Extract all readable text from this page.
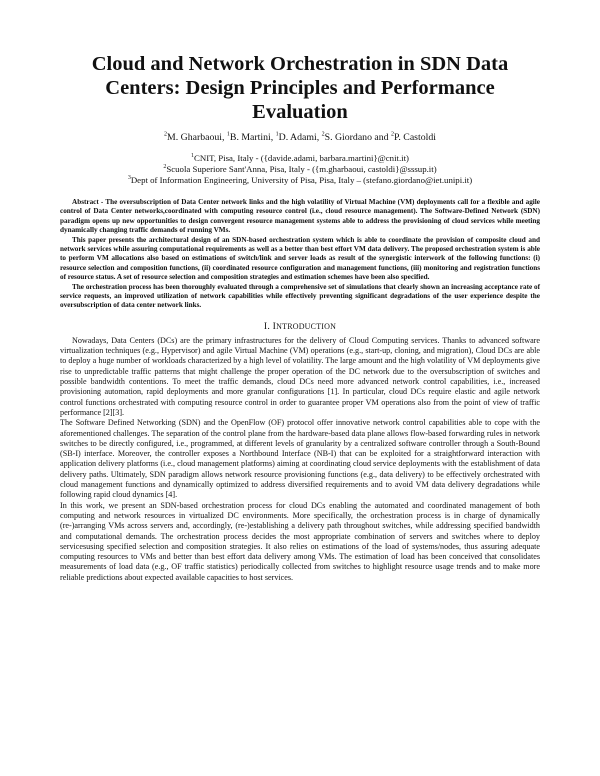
Cloud and Network Orchestration in SDN Data Centers: Design Principles and Performance Evaluation
$^2$M. Gharbaoui, $^1$B. Martini, $^1$D. Adami, $^2$S. Giordano and $^2$P. Castoldi
$^1$CNIT, Pisa, Italy - ({davide.adami, barbara.martini}@cnit.it)
$^2$Scuola Superiore Sant'Anna, Pisa, Italy - ({m.gharbaoui, castoldi}@sssup.it)
$^3$Dept of Information Engineering, University of Pisa, Pisa, Italy – (stefano.giordano@iet.unipi.it)

Abstract - The oversubscription of Data Center network links and the high volatility of Virtual Machine (VM) deployments call for a flexible and agile control of Data Center networks,coordinated with computing resource control (i.e., cloud resource management). The Software-Defined Network (SDN) paradigm opens up new opportunities to design convergent resource management systems able to address the provisioning of cloud services while meeting dynamically changing traffic demands of running VMs.

This paper presents the architectural design of an SDN-based orchestration system which is able to coordinate the provision of composite cloud and network services while assuring computational requirements as well as a better than best effort VM data delivery. The proposed orchestration system is able to perform VM allocations also based on estimations of switch/link and server loads as result of the synergistic interwork of the following functions: (i) resource selection and composition functions, (ii) coordinated resource configuration and management functions, (iii) monitoring and registration functions of resource status. A set of resource selection and composition strategies and estimation schemes have been also specified.

The orchestration process has been thoroughly evaluated through a comprehensive set of simulations that clearly shown an increasing acceptance rate of service requests, an improved utilization of network capabilities while effectively preventing significant degradations of the user experience despite the oversubscription of data center network links.

I. INTRODUCTION

Nowadays, Data Centers (DCs) are the primary infrastructures for the delivery of Cloud Computing services. Thanks to advanced software virtualization techniques (e.g., Hypervisor) and agile Virtual Machine (VM) operations (e.g., start-up, cloning, and migration), Cloud DCs are able to deploy a huge number of workloads characterized by a high level of volatility. The large amount and the high volatility of VM deployments give rise to unpredictable traffic patterns that might challenge the proper operation of the DC network due to the oversubscription of switches and possible bandwidth contentions. To meet the traffic demands, cloud DCs need more advanced network control capabilities, i.e., increased provisioning automation, rapid deployments and more granular configurations [1]. In particular, cloud DCs require elastic and agile network control functions orchestrated with computing resource control in order to guarantee proper VM operations also from the point of view of traffic performance [2][3].

The Software Defined Networking (SDN) and the OpenFlow (OF) protocol offer innovative network control capabilities able to cope with the aforementioned challenges. The separation of the control plane from the hardware-based data plane allows flow-based forwarding rules in network switches to be directly configured, i.e., programmed, at different levels of granularity by a centralized software controller through a South-Bound (SB-I) interface. Moreover, the controller exposes a Northbound Interface (NB-I) that can be exploited for a straightforward interaction with application delivery platforms (i.e., cloud management platforms) aiming at coordinating cloud service deployments with the establishment of data delivery paths. Ultimately, SDN paradigm allows network resource provisioning functions (e.g., data delivery) to be effectively orchestrated with cloud management functions and dynamically optimized to address diversified requirements and to avoid VM data delivery degradations while following rapid cloud dynamics [4].

In this work, we present an SDN-based orchestration process for cloud DCs enabling the automated and coordinated management of both computing and network resources in virtualized DC environments. More specifically, the orchestration process is in charge of dynamically (re-)arranging VMs across servers and, accordingly, (re-)establishing a delivery path throughout switches, while addressing specified bandwidth and computational demands. The orchestration process decides the most appropriate combination of servers and switches where to deploy servicesusing specified selection and composition strategies. It also relies on estimations of the load of systems/nodes, thus assuring adequate computing resources to VMs and better than best effort data delivery among VMs. The estimation of load has been conceived that consolidates measurements of load data (e.g., OF traffic statistics) periodically collected from switches to highlight resource usage trends and to make more reliable predictions about expected available capacities to host services.
